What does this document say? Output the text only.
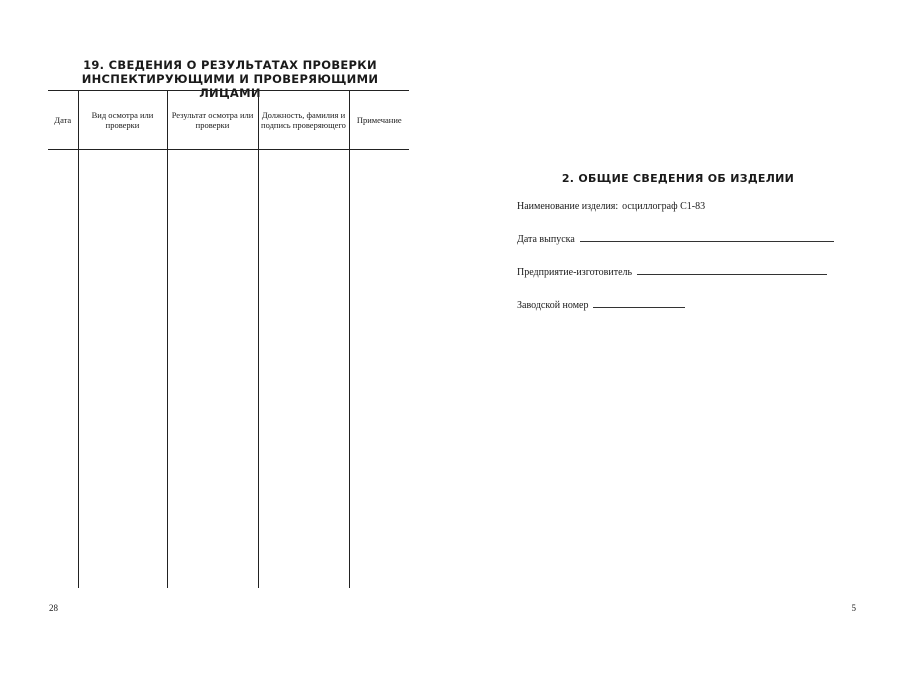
19. СВЕДЕНИЯ О РЕЗУЛЬТАТАХ ПРОВЕРКИ
ИНСПЕКТИРУЮЩИМИ И ПРОВЕРЯЮЩИМИ ЛИЦАМИ
Дата	Вид осмотра или проверки	Результат осмотра или проверки	Должность, фамилия и подпись проверяющего	Примечание

28
2. ОБЩИЕ СВЕДЕНИЯ ОБ ИЗДЕЛИИ
Наименование изделия: осциллограф С1-83
Дата выпуска
Предприятие-изготовитель
Заводской номер
5
